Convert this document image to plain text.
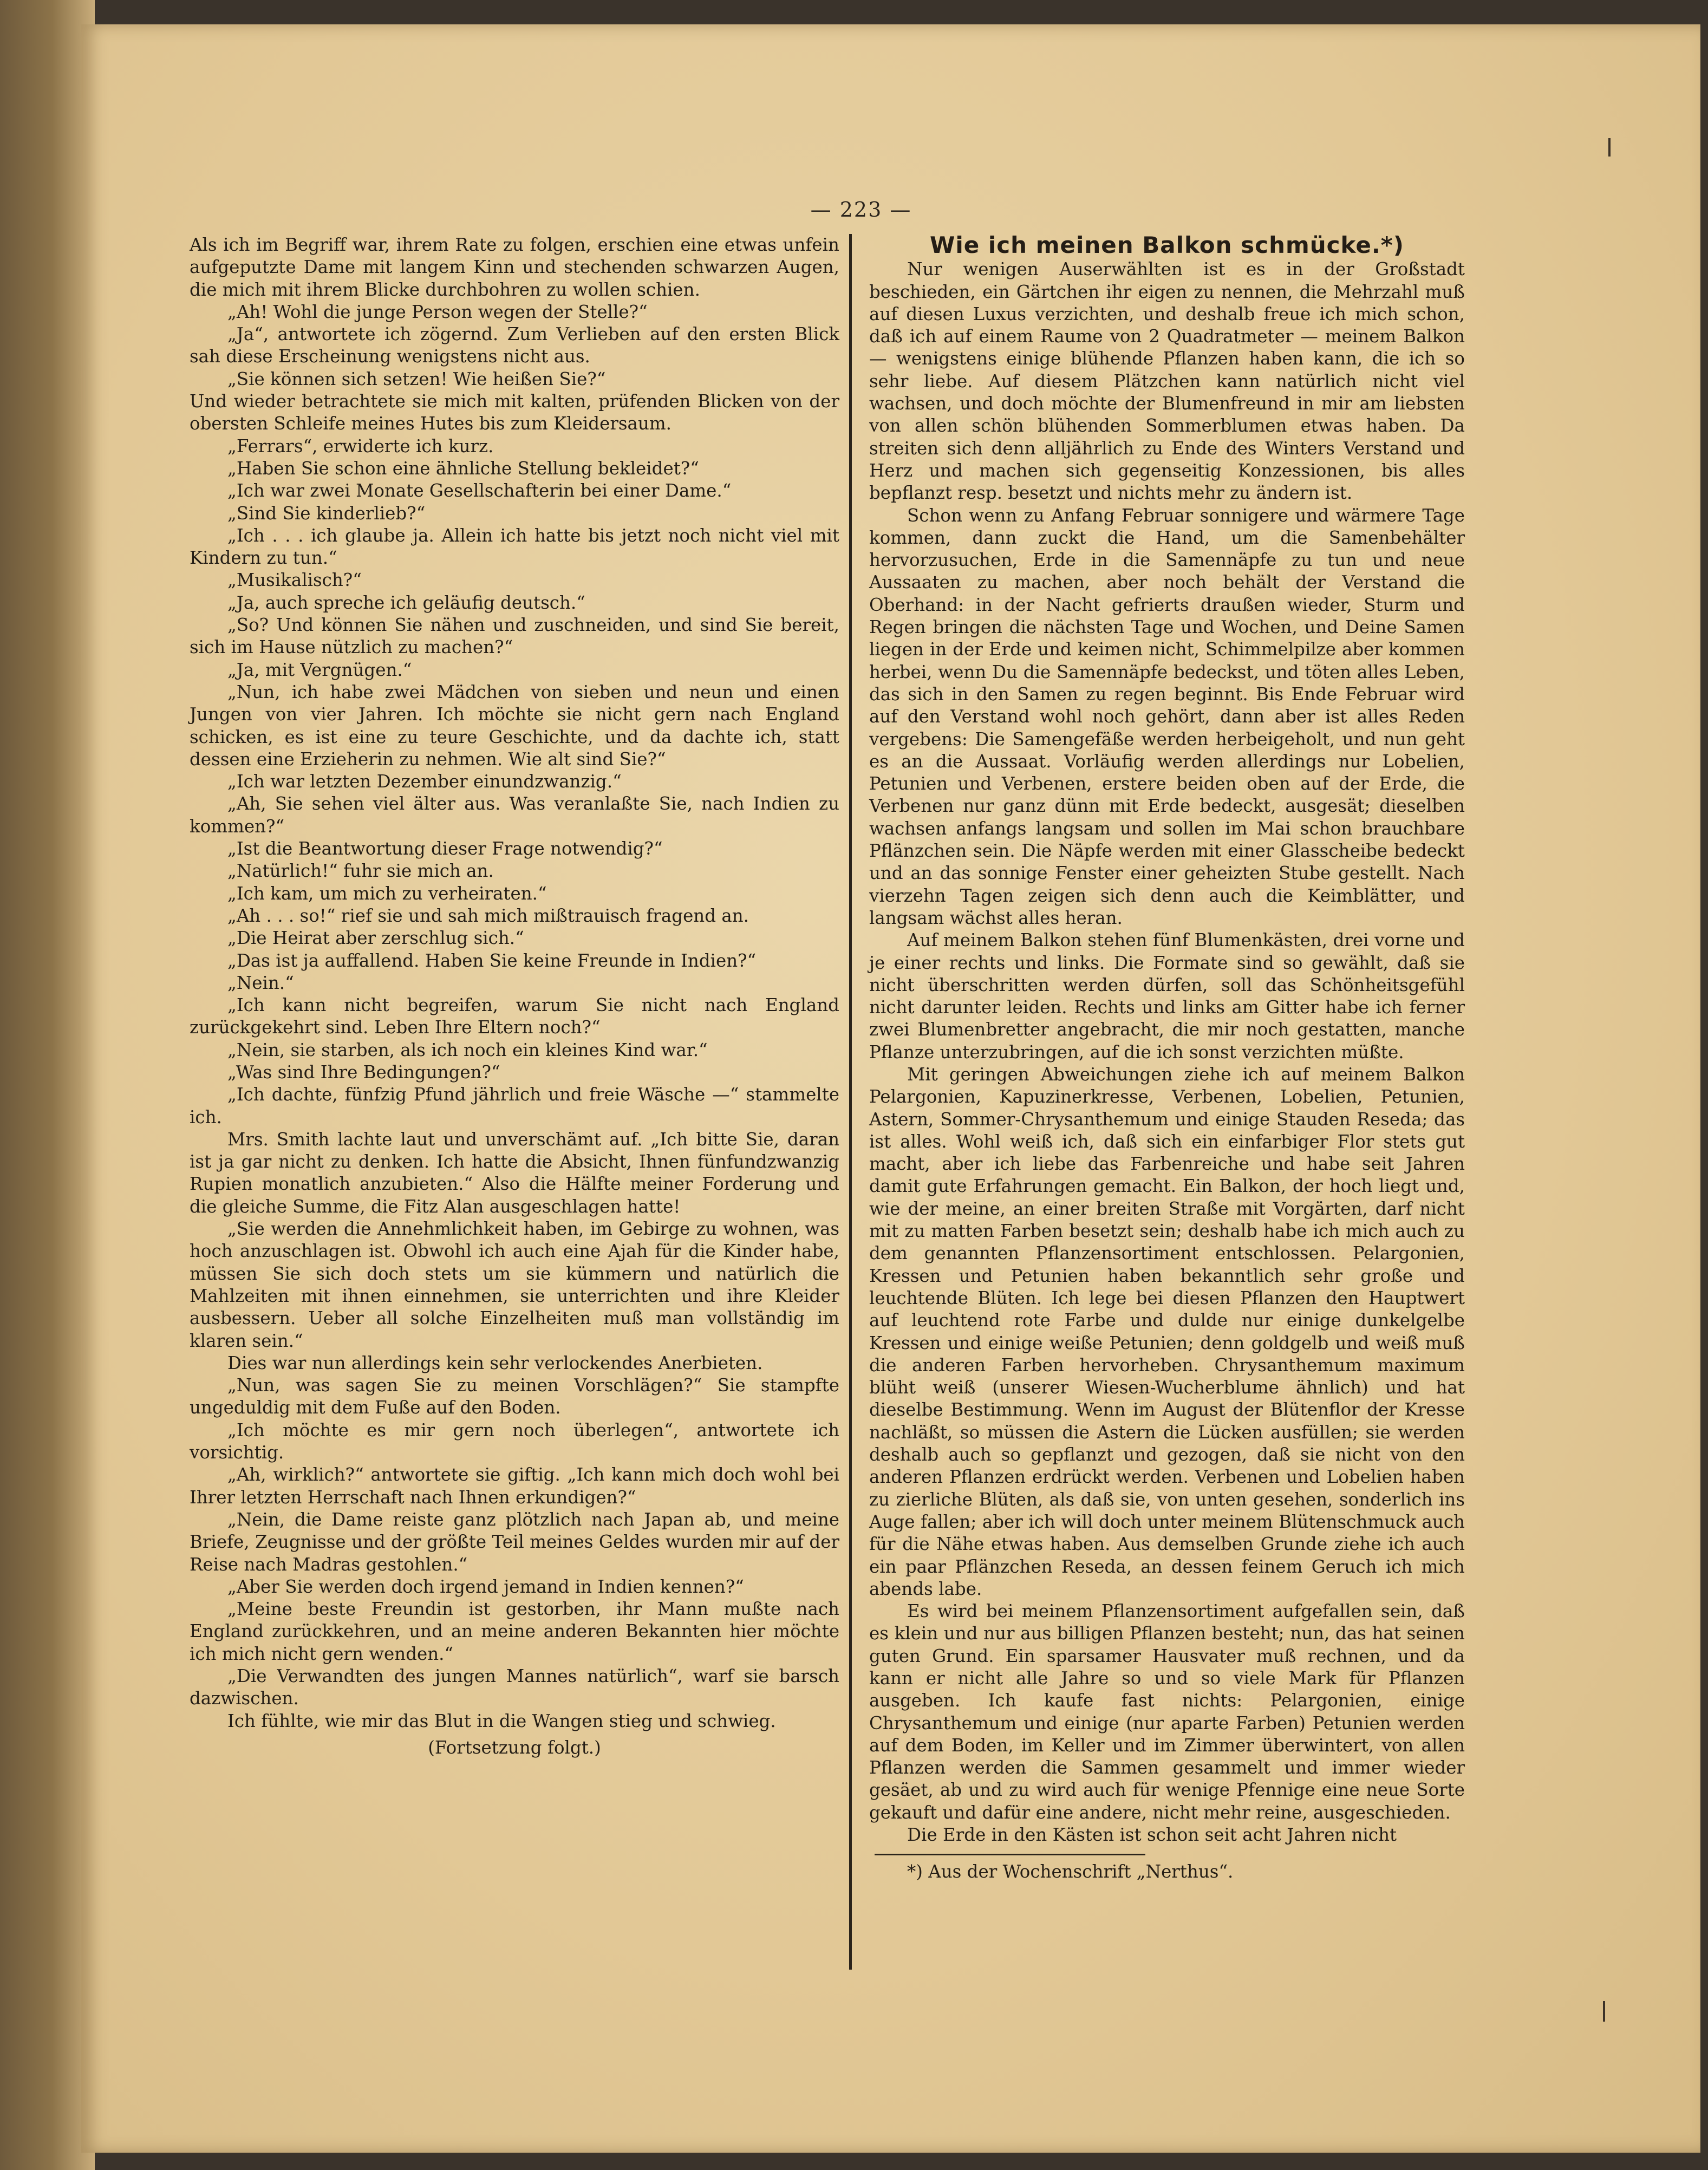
— 223 —

Als ich im Begriff war, ihrem Rate zu folgen, erschien eine etwas unfein aufgeputzte Dame mit langem Kinn und stechenden schwarzen Augen, die mich mit ihrem Blicke durchbohren zu wollen schien.

„Ah! Wohl die junge Person wegen der Stelle?“

„Ja“, antwortete ich zögernd. Zum Verlieben auf den ersten Blick sah diese Erscheinung wenigstens nicht aus.

„Sie können sich setzen! Wie heißen Sie?“

Und wieder betrachtete sie mich mit kalten, prüfenden Blicken von der obersten Schleife meines Hutes bis zum Kleidersaum.

„Ferrars“, erwiderte ich kurz.

„Haben Sie schon eine ähnliche Stellung bekleidet?“

„Ich war zwei Monate Gesellschafterin bei einer Dame.“

„Sind Sie kinderlieb?“

„Ich . . . ich glaube ja. Allein ich hatte bis jetzt noch nicht viel mit Kindern zu tun.“

„Musikalisch?“

„Ja, auch spreche ich geläufig deutsch.“

„So? Und können Sie nähen und zuschneiden, und sind Sie bereit, sich im Hause nützlich zu machen?“

„Ja, mit Vergnügen.“

„Nun, ich habe zwei Mädchen von sieben und neun und einen Jungen von vier Jahren. Ich möchte sie nicht gern nach England schicken, es ist eine zu teure Geschichte, und da dachte ich, statt dessen eine Erzieherin zu nehmen. Wie alt sind Sie?“

„Ich war letzten Dezember einundzwanzig.“

„Ah, Sie sehen viel älter aus. Was veranlaßte Sie, nach Indien zu kommen?“

„Ist die Beantwortung dieser Frage notwendig?“

„Natürlich!“ fuhr sie mich an.

„Ich kam, um mich zu verheiraten.“

„Ah . . . so!“ rief sie und sah mich mißtrauisch fragend an.

„Die Heirat aber zerschlug sich.“

„Das ist ja auffallend. Haben Sie keine Freunde in Indien?“

„Nein.“

„Ich kann nicht begreifen, warum Sie nicht nach England zurückgekehrt sind. Leben Ihre Eltern noch?“

„Nein, sie starben, als ich noch ein kleines Kind war.“

„Was sind Ihre Bedingungen?“

„Ich dachte, fünfzig Pfund jährlich und freie Wäsche —“ stammelte ich.

Mrs. Smith lachte laut und unverschämt auf. „Ich bitte Sie, daran ist ja gar nicht zu denken. Ich hatte die Absicht, Ihnen fünfundzwanzig Rupien monatlich anzubieten.“ Also die Hälfte meiner Forderung und die gleiche Summe, die Fitz Alan ausgeschlagen hatte!

„Sie werden die Annehmlichkeit haben, im Gebirge zu wohnen, was hoch anzuschlagen ist. Obwohl ich auch eine Ajah für die Kinder habe, müssen Sie sich doch stets um sie kümmern und natürlich die Mahlzeiten mit ihnen einnehmen, sie unterrichten und ihre Kleider ausbessern. Ueber all solche Einzelheiten muß man vollständig im klaren sein.“

Dies war nun allerdings kein sehr verlockendes Anerbieten.

„Nun, was sagen Sie zu meinen Vorschlägen?“ Sie stampfte ungeduldig mit dem Fuße auf den Boden.

„Ich möchte es mir gern noch überlegen“, antwortete ich vorsichtig.

„Ah, wirklich?“ antwortete sie giftig. „Ich kann mich doch wohl bei Ihrer letzten Herrschaft nach Ihnen erkundigen?“

„Nein, die Dame reiste ganz plötzlich nach Japan ab, und meine Briefe, Zeugnisse und der größte Teil meines Geldes wurden mir auf der Reise nach Madras gestohlen.“

„Aber Sie werden doch irgend jemand in Indien kennen?“

„Meine beste Freundin ist gestorben, ihr Mann mußte nach England zurückkehren, und an meine anderen Bekannten hier möchte ich mich nicht gern wenden.“

„Die Verwandten des jungen Mannes natürlich“, warf sie barsch dazwischen.

Ich fühlte, wie mir das Blut in die Wangen stieg und schwieg.

(Fortsetzung folgt.)

Wie ich meinen Balkon schmücke.*)

Nur wenigen Auserwählten ist es in der Großstadt beschieden, ein Gärtchen ihr eigen zu nennen, die Mehrzahl muß auf diesen Luxus verzichten, und deshalb freue ich mich schon, daß ich auf einem Raume von 2 Quadratmeter — meinem Balkon — wenigstens einige blühende Pflanzen haben kann, die ich so sehr liebe. Auf diesem Plätzchen kann natürlich nicht viel wachsen, und doch möchte der Blumenfreund in mir am liebsten von allen schön blühenden Sommerblumen etwas haben. Da streiten sich denn alljährlich zu Ende des Winters Verstand und Herz und machen sich gegenseitig Konzessionen, bis alles bepflanzt resp. besetzt und nichts mehr zu ändern ist.

Schon wenn zu Anfang Februar sonnigere und wärmere Tage kommen, dann zuckt die Hand, um die Samenbehälter hervorzusuchen, Erde in die Samennäpfe zu tun und neue Aussaaten zu machen, aber noch behält der Verstand die Oberhand: in der Nacht gefrierts draußen wieder, Sturm und Regen bringen die nächsten Tage und Wochen, und Deine Samen liegen in der Erde und keimen nicht, Schimmelpilze aber kommen herbei, wenn Du die Samennäpfe bedeckst, und töten alles Leben, das sich in den Samen zu regen beginnt. Bis Ende Februar wird auf den Verstand wohl noch gehört, dann aber ist alles Reden vergebens: Die Samengefäße werden herbeigeholt, und nun geht es an die Aussaat. Vorläufig werden allerdings nur Lobelien, Petunien und Verbenen, erstere beiden oben auf der Erde, die Verbenen nur ganz dünn mit Erde bedeckt, ausgesät; dieselben wachsen anfangs langsam und sollen im Mai schon brauchbare Pflänzchen sein. Die Näpfe werden mit einer Glasscheibe bedeckt und an das sonnige Fenster einer geheizten Stube gestellt. Nach vierzehn Tagen zeigen sich denn auch die Keimblätter, und langsam wächst alles heran.

Auf meinem Balkon stehen fünf Blumenkästen, drei vorne und je einer rechts und links. Die Formate sind so gewählt, daß sie nicht überschritten werden dürfen, soll das Schönheitsgefühl nicht darunter leiden. Rechts und links am Gitter habe ich ferner zwei Blumenbretter angebracht, die mir noch gestatten, manche Pflanze unterzubringen, auf die ich sonst verzichten müßte.

Mit geringen Abweichungen ziehe ich auf meinem Balkon Pelargonien, Kapuzinerkresse, Verbenen, Lobelien, Petunien, Astern, Sommer-Chrysanthemum und einige Stauden Reseda; das ist alles. Wohl weiß ich, daß sich ein einfarbiger Flor stets gut macht, aber ich liebe das Farbenreiche und habe seit Jahren damit gute Erfahrungen gemacht. Ein Balkon, der hoch liegt und, wie der meine, an einer breiten Straße mit Vorgärten, darf nicht mit zu matten Farben besetzt sein; deshalb habe ich mich auch zu dem genannten Pflanzensortiment entschlossen. Pelargonien, Kressen und Petunien haben bekanntlich sehr große und leuchtende Blüten. Ich lege bei diesen Pflanzen den Hauptwert auf leuchtend rote Farbe und dulde nur einige dunkelgelbe Kressen und einige weiße Petunien; denn goldgelb und weiß muß die anderen Farben hervorheben. Chrysanthemum maximum blüht weiß (unserer Wiesen-Wucherblume ähnlich) und hat dieselbe Bestimmung. Wenn im August der Blütenflor der Kresse nachläßt, so müssen die Astern die Lücken ausfüllen; sie werden deshalb auch so gepflanzt und gezogen, daß sie nicht von den anderen Pflanzen erdrückt werden. Verbenen und Lobelien haben zu zierliche Blüten, als daß sie, von unten gesehen, sonderlich ins Auge fallen; aber ich will doch unter meinem Blütenschmuck auch für die Nähe etwas haben. Aus demselben Grunde ziehe ich auch ein paar Pflänzchen Reseda, an dessen feinem Geruch ich mich abends labe.

Es wird bei meinem Pflanzensortiment aufgefallen sein, daß es klein und nur aus billigen Pflanzen besteht; nun, das hat seinen guten Grund. Ein sparsamer Hausvater muß rechnen, und da kann er nicht alle Jahre so und so viele Mark für Pflanzen ausgeben. Ich kaufe fast nichts: Pelargonien, einige Chrysanthemum und einige (nur aparte Farben) Petunien werden auf dem Boden, im Keller und im Zimmer überwintert, von allen Pflanzen werden die Sammen gesammelt und immer wieder gesäet, ab und zu wird auch für wenige Pfennige eine neue Sorte gekauft und dafür eine andere, nicht mehr reine, ausgeschieden.

Die Erde in den Kästen ist schon seit acht Jahren nicht

*) Aus der Wochenschrift „Nerthus“.
